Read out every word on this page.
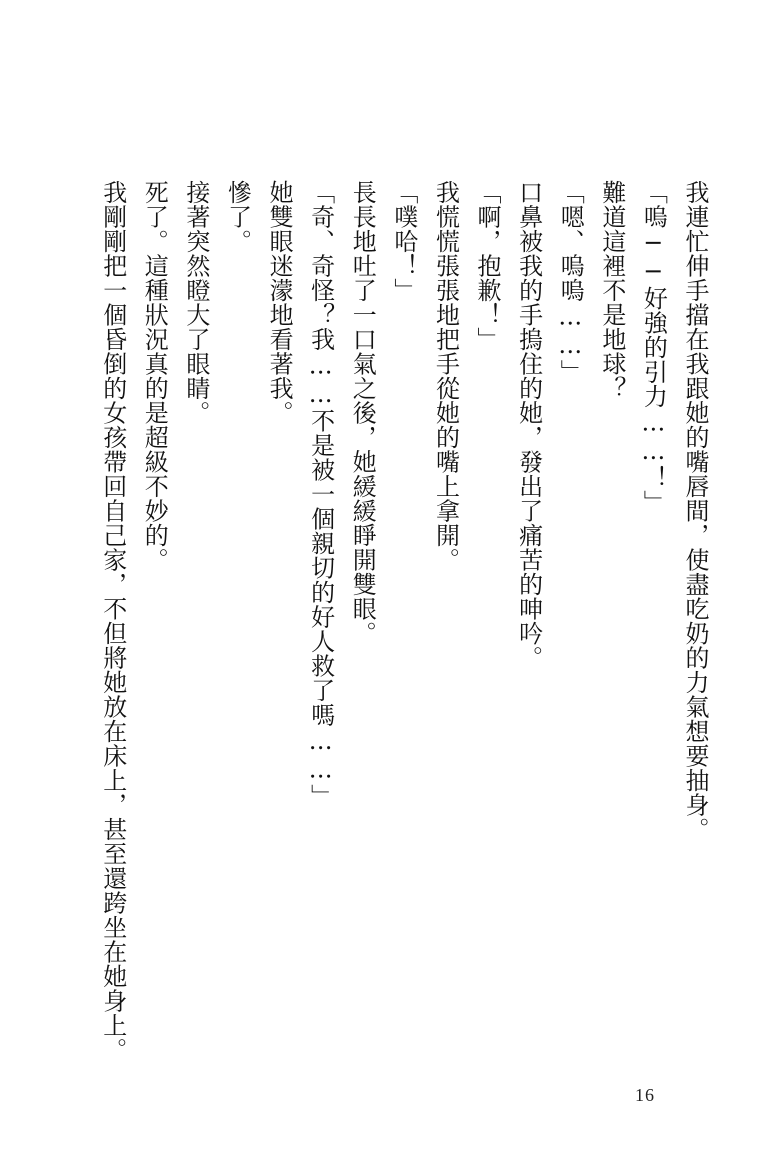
我連忙伸手擋在我跟她的嘴唇間，使盡吃奶的力氣想要抽身。
「嗚──好強的引力……！」
難道這裡不是地球？
「嗯、嗚嗚……」
口鼻被我的手摀住的她，發出了痛苦的呻吟。
「啊，抱歉！」
我慌慌張張地把手從她的嘴上拿開。
「噗哈！」
長長地吐了一口氣之後，她緩緩睜開雙眼。
「奇、奇怪？我……不是被一個親切的好人救了嗎……」
她雙眼迷濛地看著我。
慘了。
接著突然瞪大了眼睛。
死了。這種狀況真的是超級不妙的。
我剛剛把一個昏倒的女孩帶回自己家，不但將她放在床上，甚至還跨坐在她身上。
16
